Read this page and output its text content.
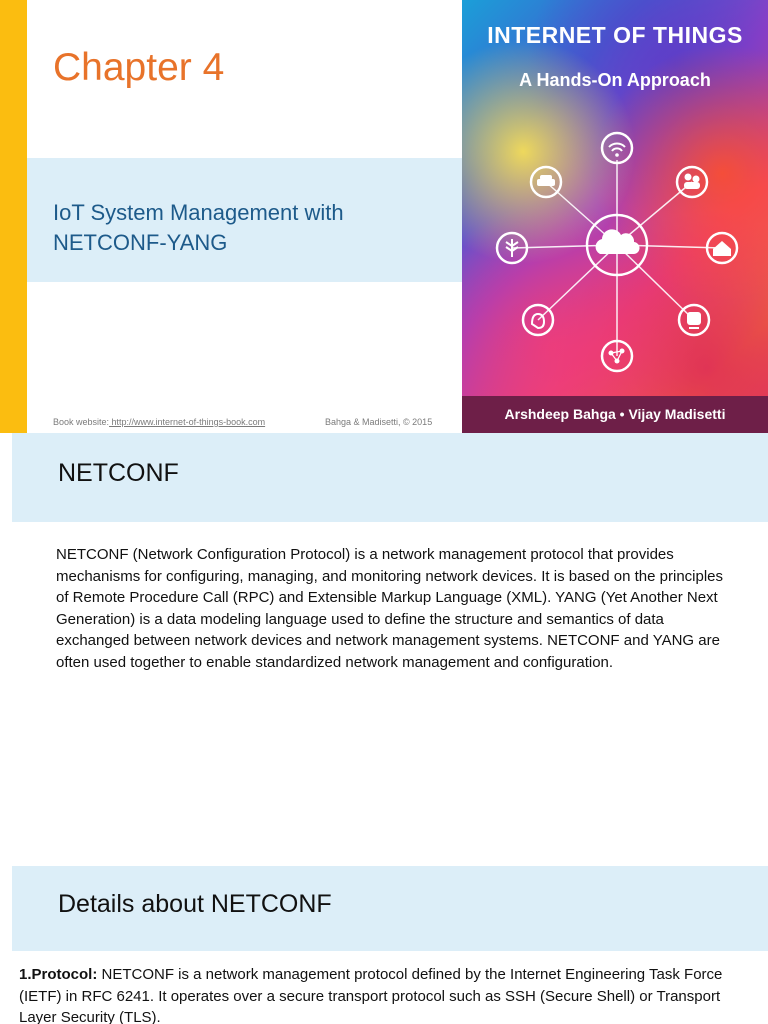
Chapter 4
IoT System Management with
NETCONF-YANG
Book website: http://www.internet-of-things-book.com	Bahga & Madisetti, © 2015
INTERNET OF THINGS
A Hands-On Approach
Arshdeep Bahga • Vijay Madisetti
NETCONF
NETCONF (Network Configuration Protocol) is a network management protocol that provides mechanisms for configuring, managing, and monitoring network devices. It is based on the principles of Remote Procedure Call (RPC) and Extensible Markup Language (XML). YANG (Yet Another Next Generation) is a data modeling language used to define the structure and semantics of data exchanged between network devices and network management systems. NETCONF and YANG are often used together to enable standardized network management and configuration.
Details about NETCONF
1.Protocol: NETCONF is a network management protocol defined by the Internet Engineering Task Force (IETF) in RFC 6241. It operates over a secure transport protocol such as SSH (Secure Shell) or Transport Layer Security (TLS).
